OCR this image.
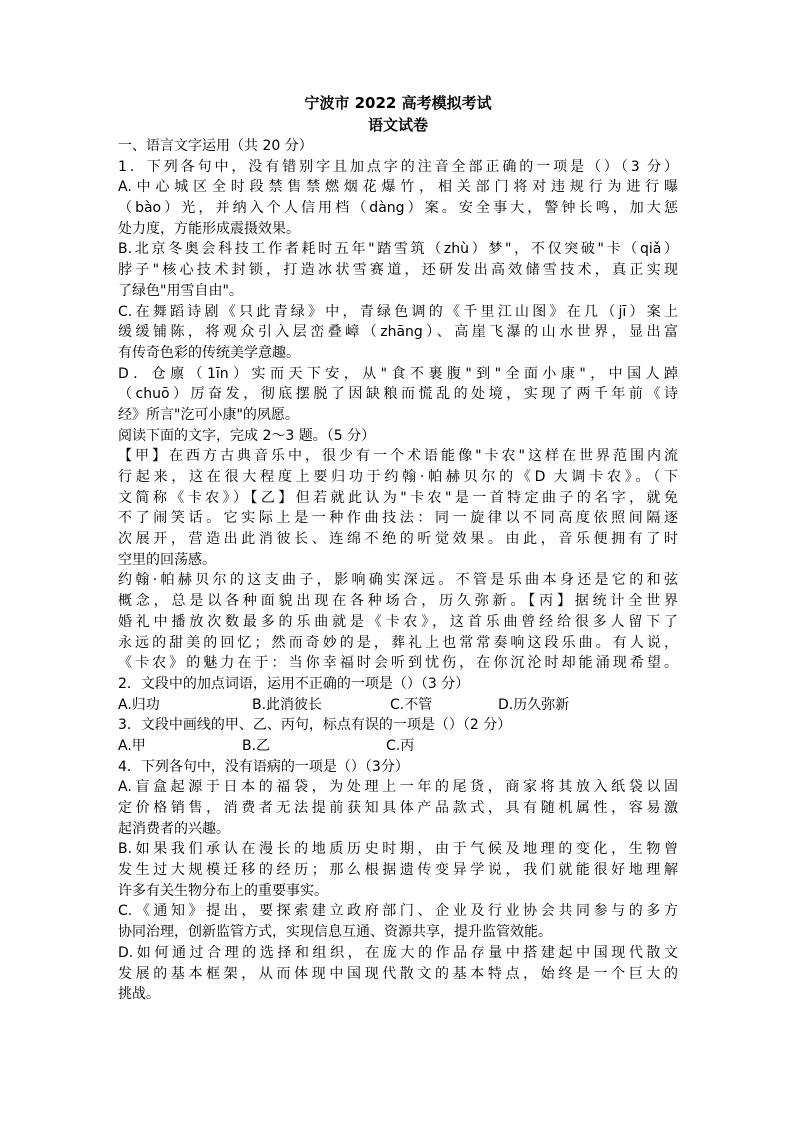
宁波市 2022 高考模拟考试
语文试卷
一、语言文字运用（共 20 分）
1．下列各句中，没有错别字且加点字的注音全部正确的一项是（）（3 分）
A.中心城区全时段禁售禁燃烟花爆竹，相关部门将对违规行为进行曝
（bào）光，并纳入个人信用档（dàng）案。安全事大，警钟长鸣，加大惩
处力度，方能形成震摄效果。
B.北京冬奥会科技工作者耗时五年"踏雪筑（zhù）梦"，不仅突破"卡（qiǎ）
脖子"核心技术封锁，打造冰状雪赛道，还研发出高效储雪技术，真正实现
了绿色"用雪自由"。
C.在舞蹈诗剧《只此青绿》中，青绿色调的《千里江山图》在几（jī）案上
缓缓铺陈，将观众引入层峦叠嶂（zhāng）、高崖飞瀑的山水世界，显出富
有传奇色彩的传统美学意趣。
D．仓廪（1īn）实而天下安，从"食不裹腹"到"全面小康"，中国人踔
（chuō）厉奋发，彻底摆脱了因缺粮而慌乱的处境，实现了两千年前《诗
经》所言"汔可小康"的夙愿。
阅读下面的文字，完成 2～3 题。（5 分）
【甲】在西方古典音乐中，很少有一个术语能像"卡农"这样在世界范围内流
行起来，这在很大程度上要归功于约翰·帕赫贝尔的《D 大调卡农》。（下
文简称《卡农》）【乙】但若就此认为"卡农"是一首特定曲子的名字，就免
不了闹笑话。它实际上是一种作曲技法：同一旋律以不同高度依照间隔逐
次展开，营造出此消彼长、连绵不绝的听觉效果。由此，音乐便拥有了时
空里的回荡感。
约翰·帕赫贝尔的这支曲子，影响确实深远。不管是乐曲本身还是它的和弦
概念，总是以各种面貌出现在各种场合，历久弥新。【丙】据统计全世界
婚礼中播放次数最多的乐曲就是《卡农》，这首乐曲曾经给很多人留下了
永远的甜美的回忆；然而奇妙的是，葬礼上也常常奏响这段乐曲。有人说，
《卡农》的魅力在于：当你幸福时会听到忧伤，在你沉沦时却能涌现希望。
2．文段中的加点词语，运用不正确的一项是（）（3 分）
A.归功	B.此消彼长	C.不管	D.历久弥新
3．文段中画线的甲、乙、丙句，标点有误的一项是（）（2 分）
A.甲	B.乙	C.丙
4．下列各句中，没有语病的一项是（）（3分）
A.盲盒起源于日本的福袋，为处理上一年的尾货，商家将其放入纸袋以固
定价格销售，消费者无法提前获知具体产品款式，具有随机属性，容易激
起消费者的兴趣。
B.如果我们承认在漫长的地质历史时期，由于气候及地理的变化，生物曾
发生过大规模迁移的经历；那么根据遗传变异学说，我们就能很好地理解
许多有关生物分布上的重要事实。
C.《通知》提出，要探索建立政府部门、企业及行业协会共同参与的多方
协同治理，创新监管方式，实现信息互通、资源共享，提升监管效能。
D.如何通过合理的选择和组织，在庞大的作品存量中搭建起中国现代散文
发展的基本框架，从而体现中国现代散文的基本特点，始终是一个巨大的
挑战。
